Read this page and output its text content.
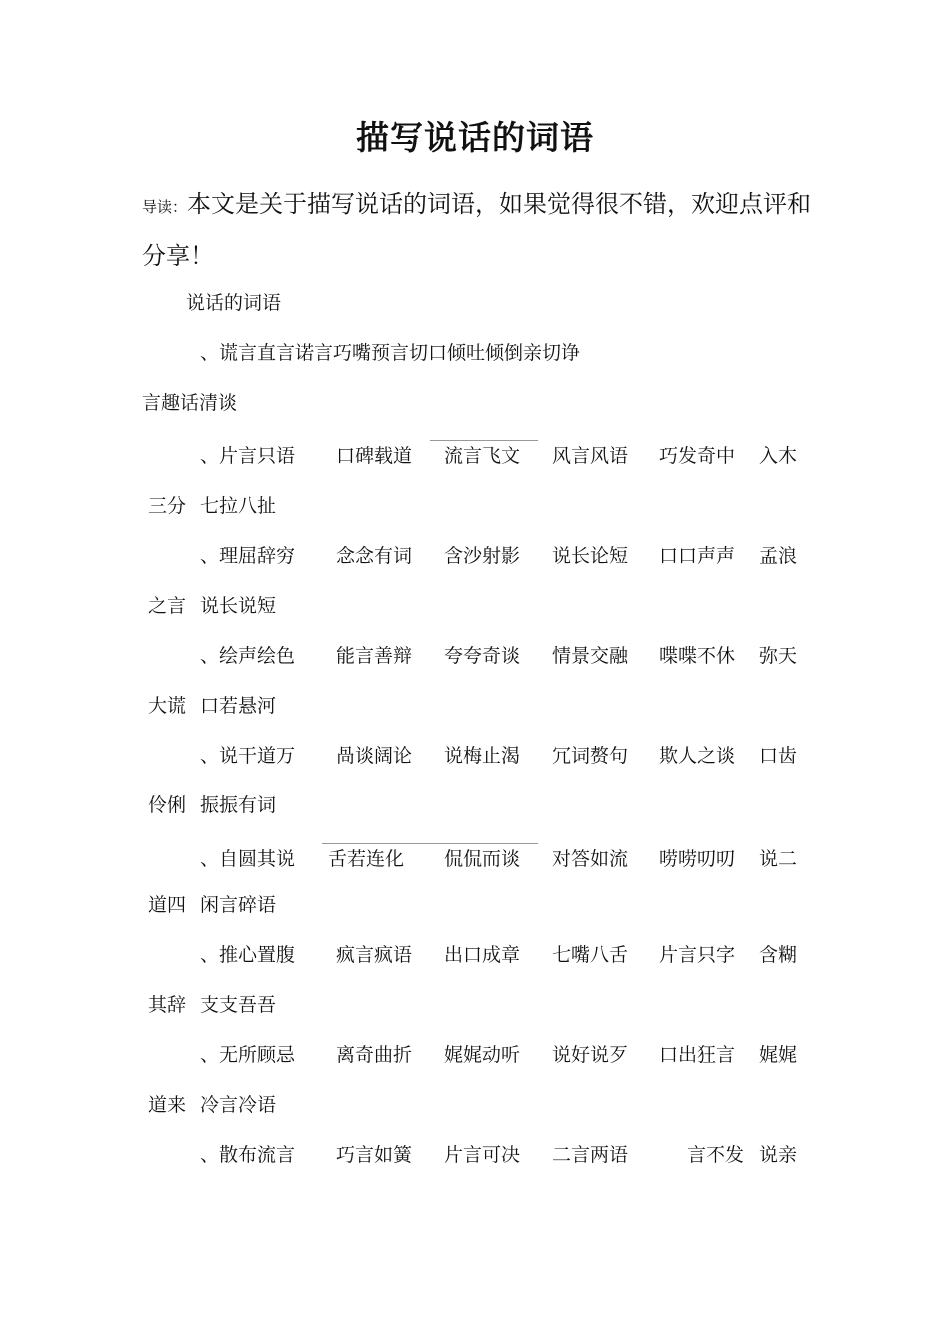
描写说话的词语
导读：本文是关于描写说话的词语，如果觉得很不错，欢迎点评和分享！
说话的词语
、谎言直言诺言巧嘴预言切口倾吐倾倒亲切诤
言趣话清谈
、片言只语 口碑载道 流言飞文 风言风语 巧发奇中 入木
三分 七拉八扯
、理屈辞穷 念念有词 含沙射影 说长论短 口口声声 孟浪
之言 说长说短
、绘声绘色 能言善辩 夸夸奇谈 情景交融 喋喋不休 弥天
大谎 口若悬河
、说干道万 咼谈阔论 说梅止渴 冗词赘句 欺人之谈 口齿
伶俐 振振有词
、自圆其说 舌若连化 侃侃而谈 对答如流 唠唠叨叨 说二
道四 闲言碎语
、推心置腹 疯言疯语 出口成章 七嘴八舌 片言只字 含糊
其辞 支支吾吾
、无所顾忌 离奇曲折 娓娓动听 说好说歹 口出狂言 娓娓
道来 冷言冷语
、散布流言 巧言如簧 片言可决 二言两语	言不发 说亲
